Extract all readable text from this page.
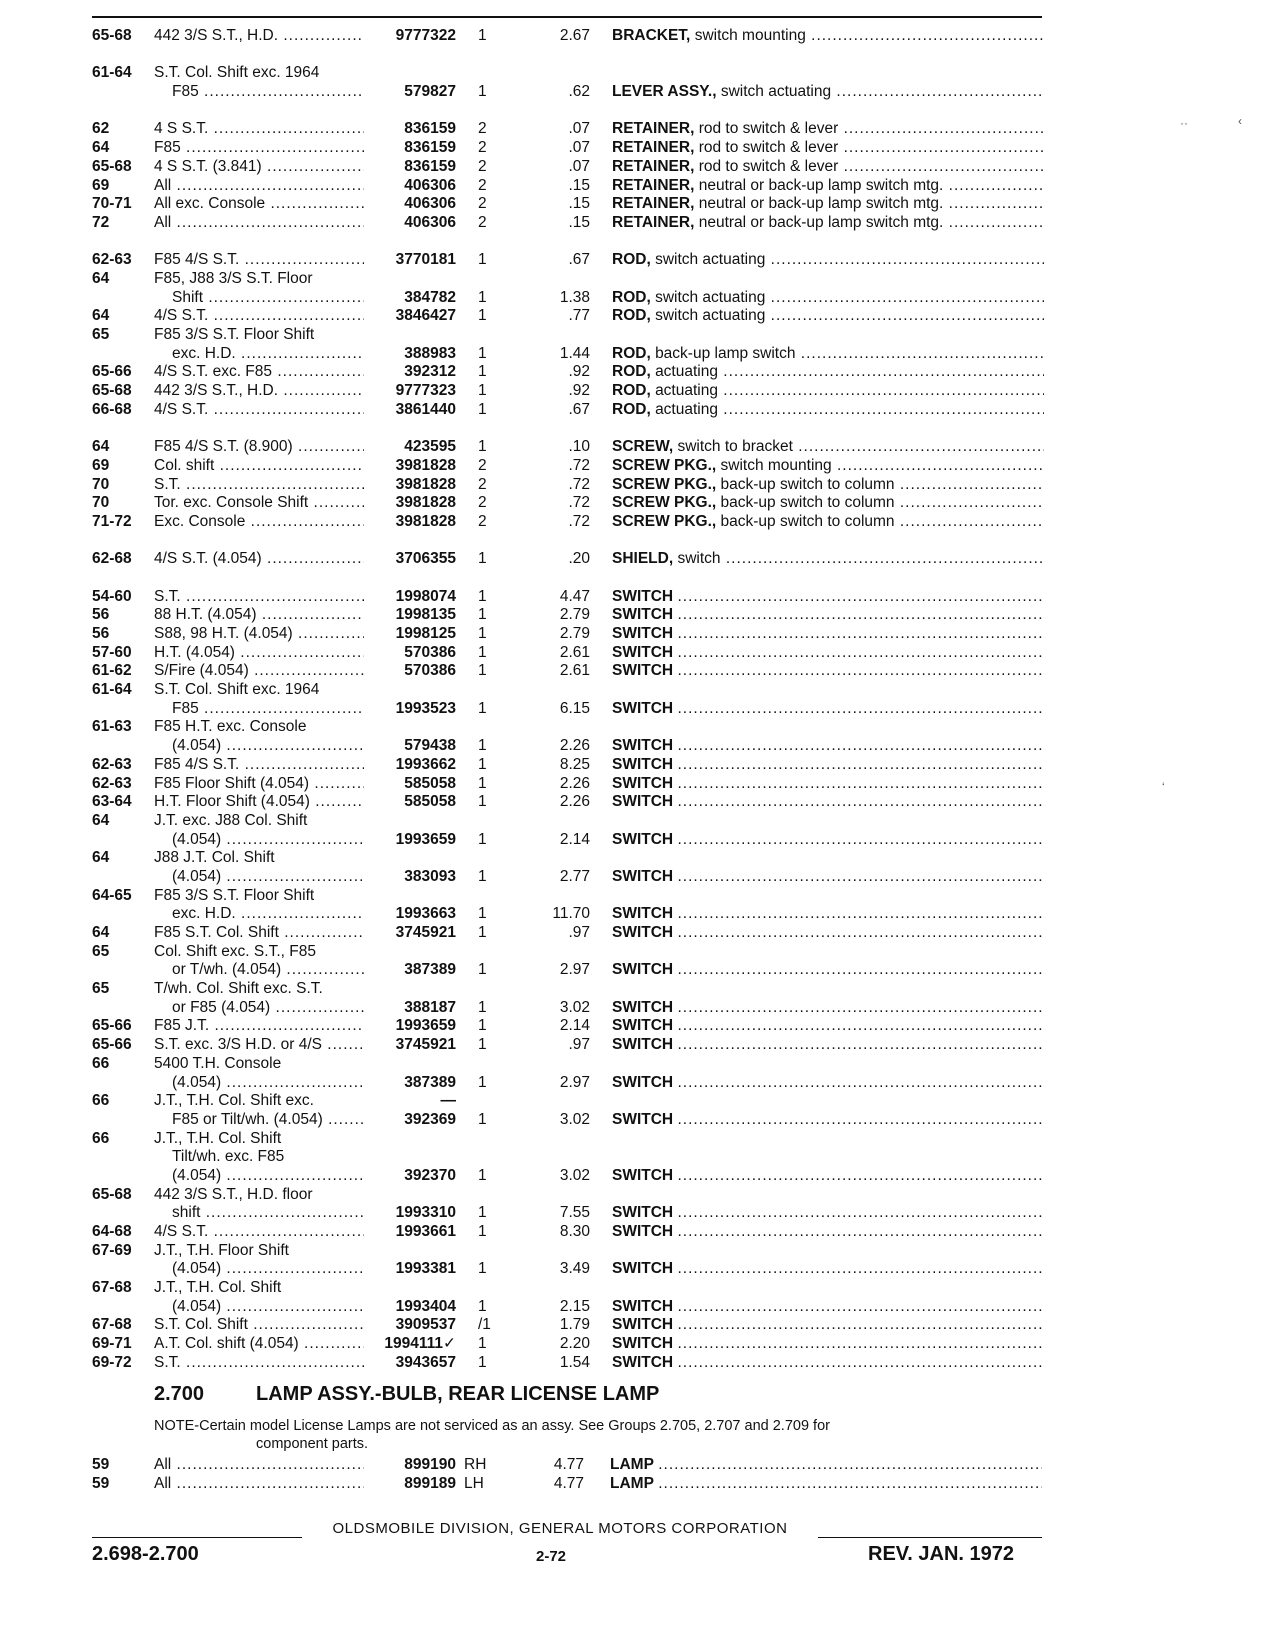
65-68	442 3/S S.T., H.D. .....	9777322 1	2.67 BRACKET, switch mounting .....
61-64	S.T. Col. Shift exc. 1964
F85 .....	579827 1	.62 LEVER ASSY., switch actuating .....
62	4 S S.T. .....	836159 2	.07 RETAINER, rod to switch & lever .....
64	F85 .....	836159 2	.07 RETAINER, rod to switch & lever .....
65-68	4 S S.T. (3.841) .....	836159 2	.07 RETAINER, rod to switch & lever .....
69	All .....	406306 2	.15 RETAINER, neutral or back-up lamp switch mtg. .....
70-71	All exc. Console .....	406306 2	.15 RETAINER, neutral or back-up lamp switch mtg. .....
72	All .....	406306 2	.15 RETAINER, neutral or back-up lamp switch mtg. .....
62-63	F85 4/S S.T. .....	3770181 1	.67 ROD, switch actuating .....
64	F85, J88 3/S S.T. Floor
Shift .....	384782 1	1.38 ROD, switch actuating .....
64	4/S S.T. .....	3846427 1	.77 ROD, switch actuating .....
65	F85 3/S S.T. Floor Shift
exc. H.D. .....	388983 1	1.44 ROD, back-up lamp switch .....
65-66	4/S S.T. exc. F85 .....	392312 1	.92 ROD, actuating .....
65-68	442 3/S S.T., H.D. .....	9777323 1	.92 ROD, actuating .....
66-68	4/S S.T. .....	3861440 1	.67 ROD, actuating .....
64	F85 4/S S.T. (8.900) .....	423595 1	.10 SCREW, switch to bracket .....
69	Col. shift .....	3981828 2	.72 SCREW PKG., switch mounting .....
70	S.T. .....	3981828 2	.72 SCREW PKG., back-up switch to column .....
70	Tor. exc. Console Shift .....	3981828 2	.72 SCREW PKG., back-up switch to column .....
71-72	Exc. Console .....	3981828 2	.72 SCREW PKG., back-up switch to column .....
62-68	4/S S.T. (4.054) .....	3706355 1	.20 SHIELD, switch .....
54-60	S.T. .....	1998074 1	4.47 SWITCH .....
56	88 H.T. (4.054) .....	1998135 1	2.79 SWITCH .....
56	S88, 98 H.T. (4.054) .....	1998125 1	2.79 SWITCH .....
57-60	H.T. (4.054) .....	570386 1	2.61 SWITCH .....
61-62	S/Fire (4.054) .....	570386 1	2.61 SWITCH .....
61-64	S.T. Col. Shift exc. 1964
F85 .....	1993523 1	6.15 SWITCH .....
61-63	F85 H.T. exc. Console
(4.054) .....	579438 1	2.26 SWITCH .....
62-63	F85 4/S S.T. .....	1993662 1	8.25 SWITCH .....
62-63	F85 Floor Shift (4.054) .....	585058 1	2.26 SWITCH .....
63-64	H.T. Floor Shift (4.054) .....	585058 1	2.26 SWITCH .....
64	J.T. exc. J88 Col. Shift
(4.054) .....	1993659 1	2.14 SWITCH .....
64	J88 J.T. Col. Shift
(4.054) .....	383093 1	2.77 SWITCH .....
64-65	F85 3/S S.T. Floor Shift
exc. H.D. .....	1993663 1	11.70 SWITCH .....
64	F85 S.T. Col. Shift .....	3745921 1	.97 SWITCH .....
65	Col. Shift exc. S.T., F85
or T/wh. (4.054) .....	387389 1	2.97 SWITCH .....
65	T/wh. Col. Shift exc. S.T.
or F85 (4.054) .....	388187 1	3.02 SWITCH .....
65-66	F85 J.T. .....	1993659 1	2.14 SWITCH .....
65-66	S.T. exc. 3/S H.D. or 4/S .....	3745921 1	.97 SWITCH .....
66	5400 T.H. Console
(4.054) .....	387389 1	2.97 SWITCH .....
66	J.T., T.H. Col. Shift exc.	—
F85 or Tilt/wh. (4.054) .....	392369 1	3.02 SWITCH .....
66	J.T., T.H. Col. Shift
Tilt/wh. exc. F85
(4.054) .....	392370 1	3.02 SWITCH .....
65-68	442 3/S S.T., H.D. floor
shift .....	1993310 1	7.55 SWITCH .....
64-68	4/S S.T. .....	1993661 1	8.30 SWITCH .....
67-69	J.T., T.H. Floor Shift
(4.054) .....	1993381 1	3.49 SWITCH .....
67-68	J.T., T.H. Col. Shift
(4.054) .....	1993404 1	2.15 SWITCH .....
67-68	S.T. Col. Shift .....	3909537 /1	1.79 SWITCH .....
69-71	A.T. Col. shift (4.054) .....	1994111✓ 1	2.20 SWITCH .....
69-72	S.T. .....	3943657 1	1.54 SWITCH .....
2.700	LAMP ASSY.-BULB, REAR LICENSE LAMP
NOTE-Certain model License Lamps are not serviced as an assy. See Groups 2.705, 2.707 and 2.709 for
component parts.
59	All .....	899190 RH	4.77 LAMP .....
59	All .....	899189 LH	4.77 LAMP .....
OLDSMOBILE DIVISION, GENERAL MOTORS CORPORATION
2.698-2.700	2-72	REV. JAN. 1972
··	‹
‘
